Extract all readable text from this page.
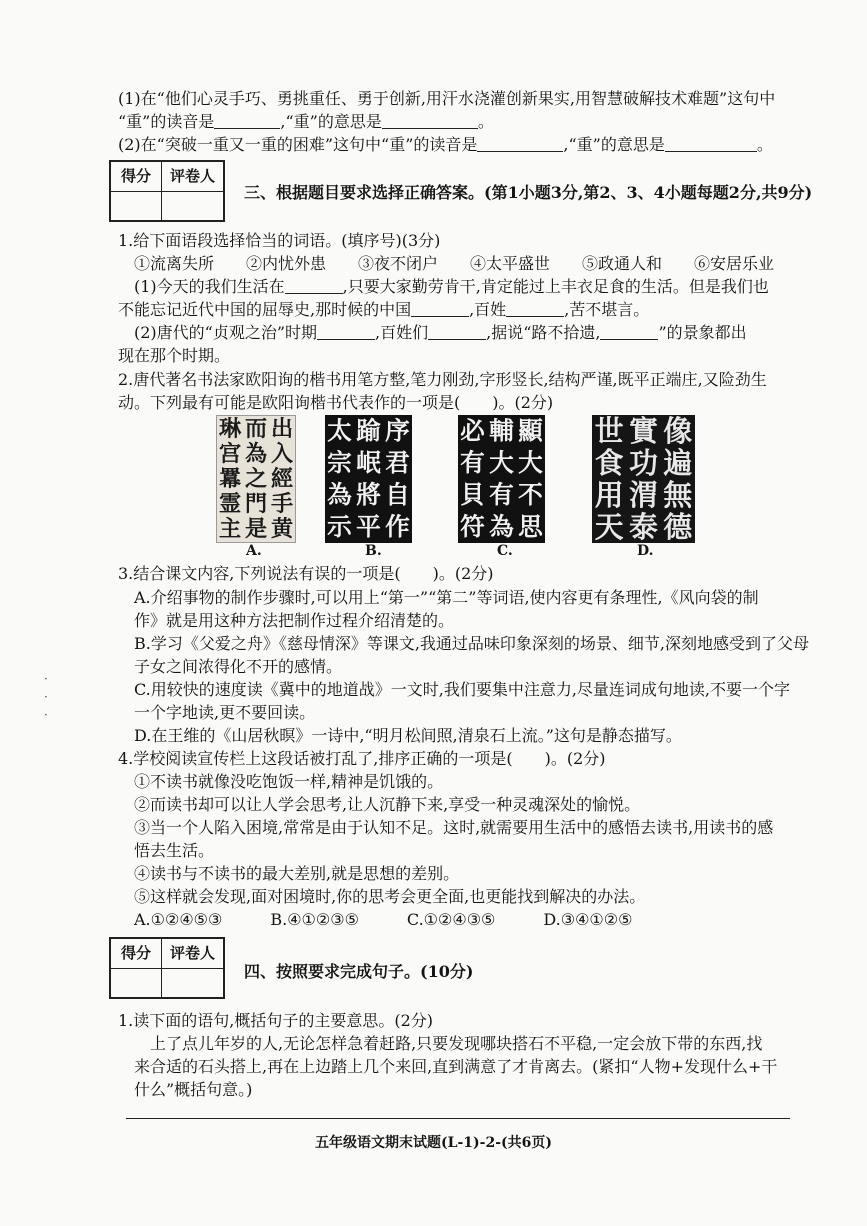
(1)在“他们心灵手巧、勇挑重任、勇于创新,用汗水浇灌创新果实,用智慧破解技术难题”这句中
“重”的读音是	,“重”的意思是	。
(2)在“突破一重又一重的困难”这句中“重”的读音是	,“重”的意思是	。
得分	评卷人
三、根据题目要求选择正确答案。(第1小题3分,第2、3、4小题每题2分,共9分)
1.给下面语段选择恰当的词语。(填序号)(3分)
①流离失所　　②内忧外患　　③夜不闭户　　④太平盛世　　⑤政通人和　　⑥安居乐业
(1)今天的我们生活在	,只要大家勤劳肯干,肯定能过上丰衣足食的生活。但是我们也
不能忘记近代中国的屈辱史,那时候的中国	,百姓	,苦不堪言。
(2)唐代的“贞观之治”时期	,百姓们	,据说“路不拾遗,	”的景象都出
现在那个时期。
2.唐代著名书法家欧阳询的楷书用笔方整,笔力刚劲,字形竖长,结构严谨,既平正端庄,又险劲生
动。下列最有可能是欧阳询楷书代表作的一项是(　　)。(2分)
出
入
經
手
黄
而
為
之
門
是
琳
宫
羃
霊
主
序
君
自
作
踰
岷
將
平
太
宗
為
示
顯
大
不
思
輔
大
有
為
必
有
貝
符
像
遍
無
德
實
功
渭
泰
世
食
用
天
A.	B.	C.	D.
3.结合课文内容,下列说法有误的一项是(　　)。(2分)
A.介绍事物的制作步骤时,可以用上“第一”“第二”等词语,使内容更有条理性,《风向袋的制
作》就是用这种方法把制作过程介绍清楚的。
B.学习《父爱之舟》《慈母情深》等课文,我通过品味印象深刻的场景、细节,深刻地感受到了父母
子女之间浓得化不开的感情。
C.用较快的速度读《冀中的地道战》一文时,我们要集中注意力,尽量连词成句地读,不要一个字
一个字地读,更不要回读。
D.在王维的《山居秋暝》一诗中,“明月松间照,清泉石上流。”这句是静态描写。
·
·
·
4.学校阅读宣传栏上这段话被打乱了,排序正确的一项是(　　)。(2分)
①不读书就像没吃饱饭一样,精神是饥饿的。
②而读书却可以让人学会思考,让人沉静下来,享受一种灵魂深处的愉悦。
③当一个人陷入困境,常常是由于认知不足。这时,就需要用生活中的感悟去读书,用读书的感
悟去生活。
④读书与不读书的最大差别,就是思想的差别。
⑤这样就会发现,面对困境时,你的思考会更全面,也更能找到解决的办法。
A.①②④⑤③　　　B.④①②③⑤　　　C.①②④③⑤　　　D.③④①②⑤
得分	评卷人
四、按照要求完成句子。(10分)
1.读下面的语句,概括句子的主要意思。(2分)
上了点儿年岁的人,无论怎样急着赶路,只要发现哪块搭石不平稳,一定会放下带的东西,找
来合适的石头搭上,再在上边踏上几个来回,直到满意了才肯离去。(紧扣“人物+发现什么+干
什么”概括句意。)
五年级语文期末试题(L-1)-2-(共6页)
